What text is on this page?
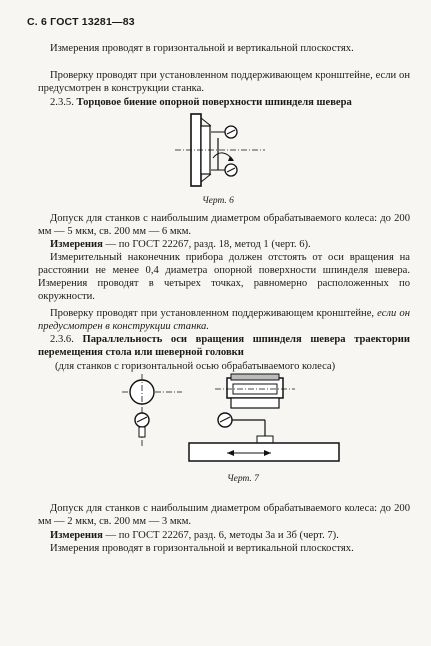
С. 6 ГОСТ 13281—83
Измерения проводят в горизонтальной и вертикальной плоскостях.
Проверку проводят при установленном поддерживающем кронштейне, если он предусмотрен в конструкции станка.
2.3.5. Торцовое биение опорной поверхности шпинделя шевера
Черт. 6
Допуск для станков с наибольшим диаметром обрабатываемого колеса: до 200 мм — 5 мкм, св. 200 мм — 6 мкм.
Измерения — по ГОСТ 22267, разд. 18, метод 1 (черт. 6).
Измерительный наконечник прибора должен отстоять от оси вращения на расстоянии не менее 0,4 диаметра опорной поверхности шпинделя шевера. Измерения проводят в четырех точках, равномерно расположенных по окружности.
Проверку проводят при установленном поддерживающем кронштейне, если он предусмотрен в конструкции станка.
2.3.6. Параллельность оси вращения шпинделя шевера траектории перемещения стола или шеверной головки
(для станков с горизонтальной осью обрабатываемого колеса)
Черт. 7
Допуск для станков с наибольшим диаметром обрабатываемого колеса: до 200 мм — 2 мкм, св. 200 мм — 3 мкм.
Измерения — по ГОСТ 22267, разд. 6, методы 3а и 3б (черт. 7).
Измерения проводят в горизонтальной и вертикальной плоскостях.
